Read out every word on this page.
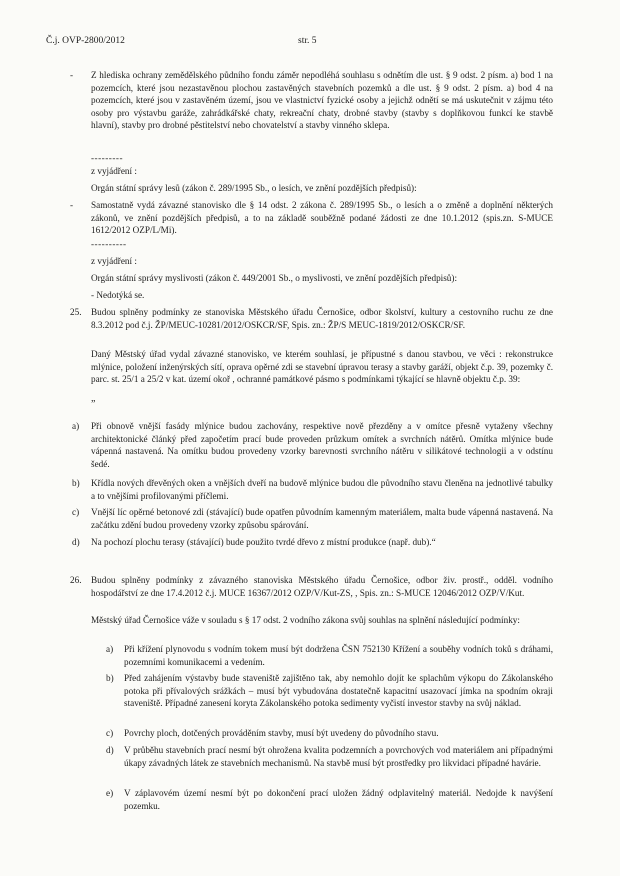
Č.j. OVP-2800/2012	str. 5
- Z hlediska ochrany zemědělského půdního fondu záměr nepodléhá souhlasu s odnětím dle ust. § 9 odst. 2 písm. a) bod 1 na pozemcích, které jsou nezastavěnou plochou zastavěných stavebních pozemků a dle ust. § 9 odst. 2 písm. a) bod 4 na pozemcích, které jsou v zastavěném území, jsou ve vlastnictví fyzické osoby a jejichž odnětí se má uskutečnit v zájmu této osoby pro výstavbu garáže, zahrádkářské chaty, rekreační chaty, drobné stavby (stavby s doplňkovou funkcí ke stavbě hlavní), stavby pro drobné pěstitelství nebo chovatelství a stavby vinného sklepa.

---------
z vyjádření :
Orgán státní správy lesů (zákon č. 289/1995 Sb., o lesích, ve znění pozdějších předpisů):
- Samostatně vydá závazné stanovisko dle § 14 odst. 2 zákona č. 289/1995 Sb., o lesích a o změně a doplnění některých zákonů, ve znění pozdějších předpisů, a to na základě souběžně podané žádosti ze dne 10.1.2012 (spis.zn. S-MUCE 1612/2012 OZP/L/Mi).

----------
z vyjádření :
Orgán státní správy myslivosti (zákon č. 449/2001 Sb., o myslivosti, ve znění pozdějších předpisů):
- Nedotýká se.
25. Budou splněny podmínky ze stanoviska Městského úřadu Černošice, odbor školství, kultury a cestovního ruchu ze dne 8.3.2012 pod č.j. ŽP/MEUC-10281/2012/OSKCR/SF, Spis. zn.: ŽP/S MEUC-1819/2012/OSKCR/SF.
Daný Městský úřad vydal závazné stanovisko, ve kterém souhlasí, je přípustné s danou stavbou, ve věci : rekonstrukce mlýnice, položení inženýrských sítí, oprava opěrné zdi se stavební úpravou terasy a stavby garáží, objekt č.p. 39, pozemky č. parc. st. 25/1 a 25/2 v kat. území okoř , ochranné památkové pásmo s podmínkami týkající se hlavně objektu č.p. 39:
„
a) Při obnově vnější fasády mlýnice budou zachovány, respektive nově přezděny a v omítce přesně vytaženy všechny architektonické článký před započetím prací bude proveden průzkum omítek a svrchních nátěrů. Omítka mlýnice bude vápenná nastavená. Na omítku budou provedeny vzorky barevnosti svrchního nátěru v silikátové technologii a v odstínu šedé.
b) Křídla nových dřevěných oken a vnějších dveří na budově mlýnice budou dle původního stavu členěna na jednotlivé tabulky a to vnějšími profilovanými příčlemi.
c) Vnější líc opěrné betonové zdi (stávající) bude opatřen původním kamenným materiálem, malta bude vápenná nastavená. Na začátku zdění budou provedeny vzorky způsobu spárování.
d) Na pochozí plochu terasy (stávající) bude použito tvrdé dřevo z místní produkce (např. dub).“
26. Budou splněny podmínky z závazného stanoviska Městského úřadu Černošice, odbor živ. prostř., odděl. vodního hospodářství ze dne 17.4.2012 č.j. MUCE 16367/2012 OZP/V/Kut-ZS, , Spis. zn.: S-MUCE 12046/2012 OZP/V/Kut.
Městský úřad Černošice váže v souladu s § 17 odst. 2 vodního zákona svůj souhlas na splnění následující podmínky:
a) Při křížení plynovodu s vodním tokem musí být dodržena ČSN 752130 Křížení a souběhy vodních toků s dráhami, pozemními komunikacemi a vedením.
b) Před zahájením výstavby bude staveniště zajištěno tak, aby nemohlo dojít ke splachům výkopu do Zákolanského potoka při přívalových srážkách – musí být vybudována dostatečně kapacitní usazovací jímka na spodním okraji staveniště. Případné zanesení koryta Zákolanského potoka sedimenty vyčistí investor stavby na svůj náklad.
c) Povrchy ploch, dotčených prováděním stavby, musí být uvedeny do původního stavu.
d) V průběhu stavebních prací nesmí být ohrožena kvalita podzemních a povrchových vod materiálem ani případnými úkapy závadných látek ze stavebních mechanismů. Na stavbě musí být prostředky pro likvidaci případné havárie.
e) V záplavovém území nesmí být po dokončení prací uložen žádný odplavitelný materiál. Nedojde k navýšení pozemku.
